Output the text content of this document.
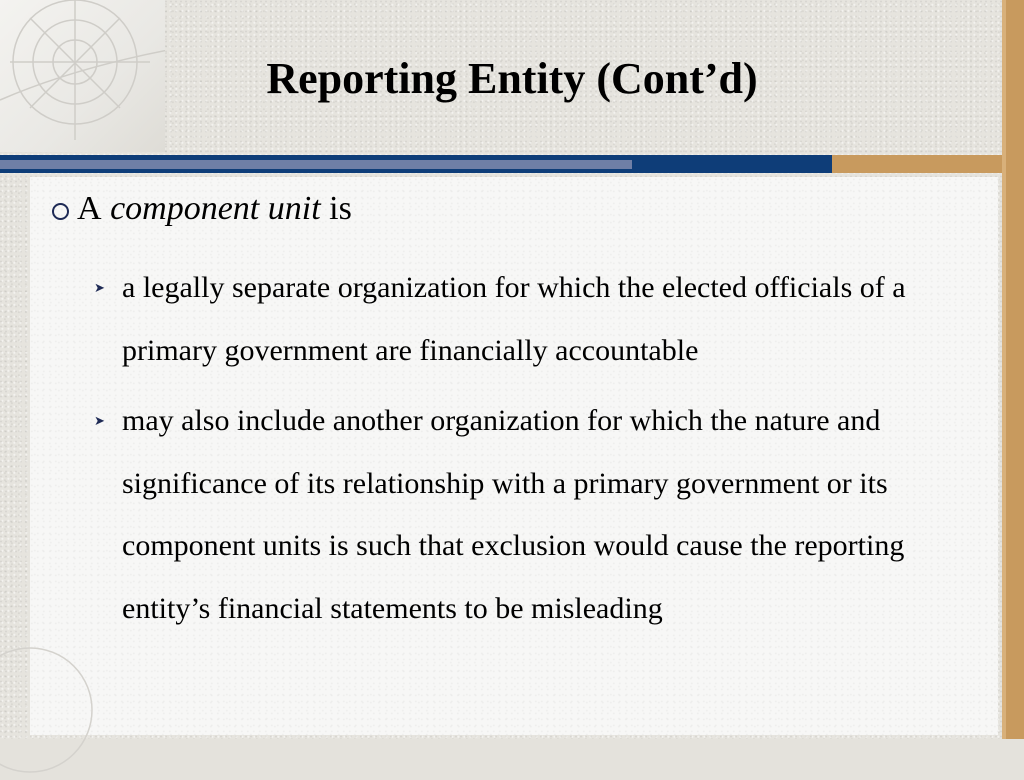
Reporting Entity (Cont’d)
A
component unit
is
➤ a legally separate organization for which the elected officials of a primary government are financially accountable
➤ may also include another organization for which the nature and significance of its relationship with a primary government or its component units is such that exclusion would cause the reporting entity’s financial statements to be misleading
